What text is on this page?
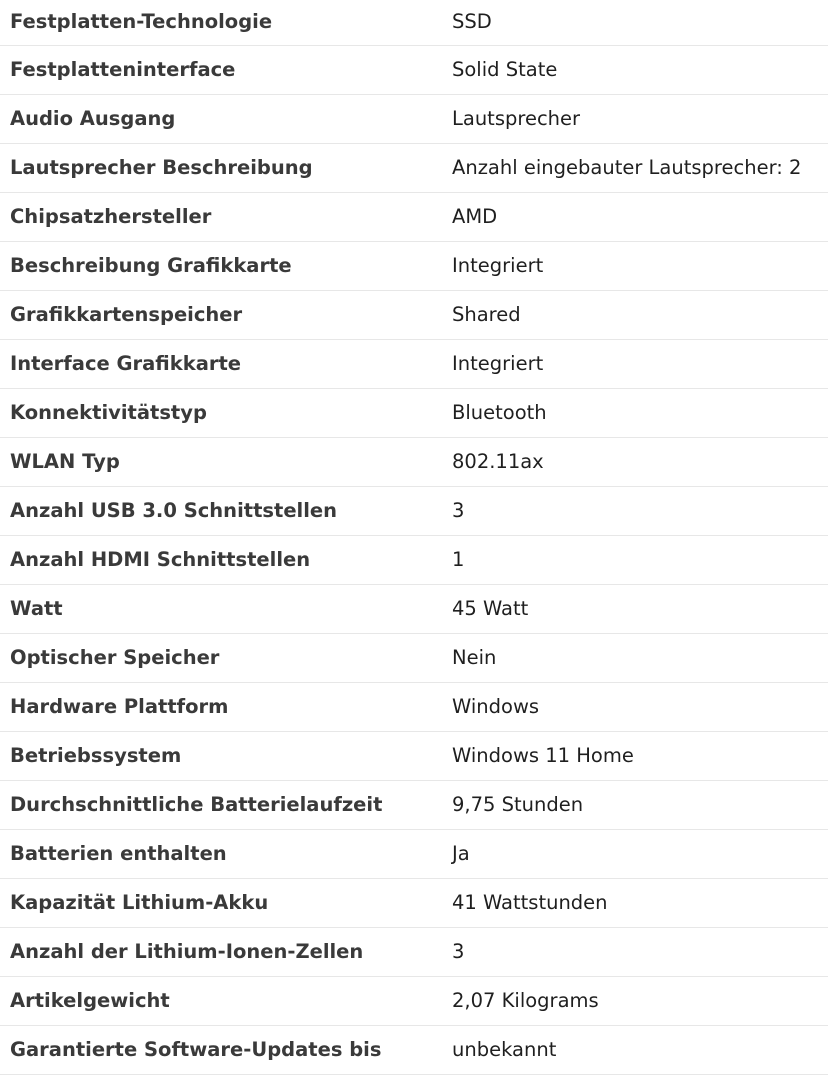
Festplatten-Technologie	SSD
Festplatteninterface	Solid State
Audio Ausgang	Lautsprecher
Lautsprecher Beschreibung	Anzahl eingebauter Lautsprecher: 2
Chipsatzhersteller	AMD
Beschreibung Grafikkarte	Integriert
Grafikkartenspeicher	Shared
Interface Grafikkarte	Integriert
Konnektivitätstyp	Bluetooth
WLAN Typ	802.11ax
Anzahl USB 3.0 Schnittstellen	3
Anzahl HDMI Schnittstellen	1
Watt	45 Watt
Optischer Speicher	Nein
Hardware Plattform	Windows
Betriebssystem	Windows 11 Home
Durchschnittliche Batterielaufzeit	9,75 Stunden
Batterien enthalten	Ja
Kapazität Lithium-Akku	41 Wattstunden
Anzahl der Lithium-Ionen-Zellen	3
Artikelgewicht	2,07 Kilograms
Garantierte Software-Updates bis	unbekannt
